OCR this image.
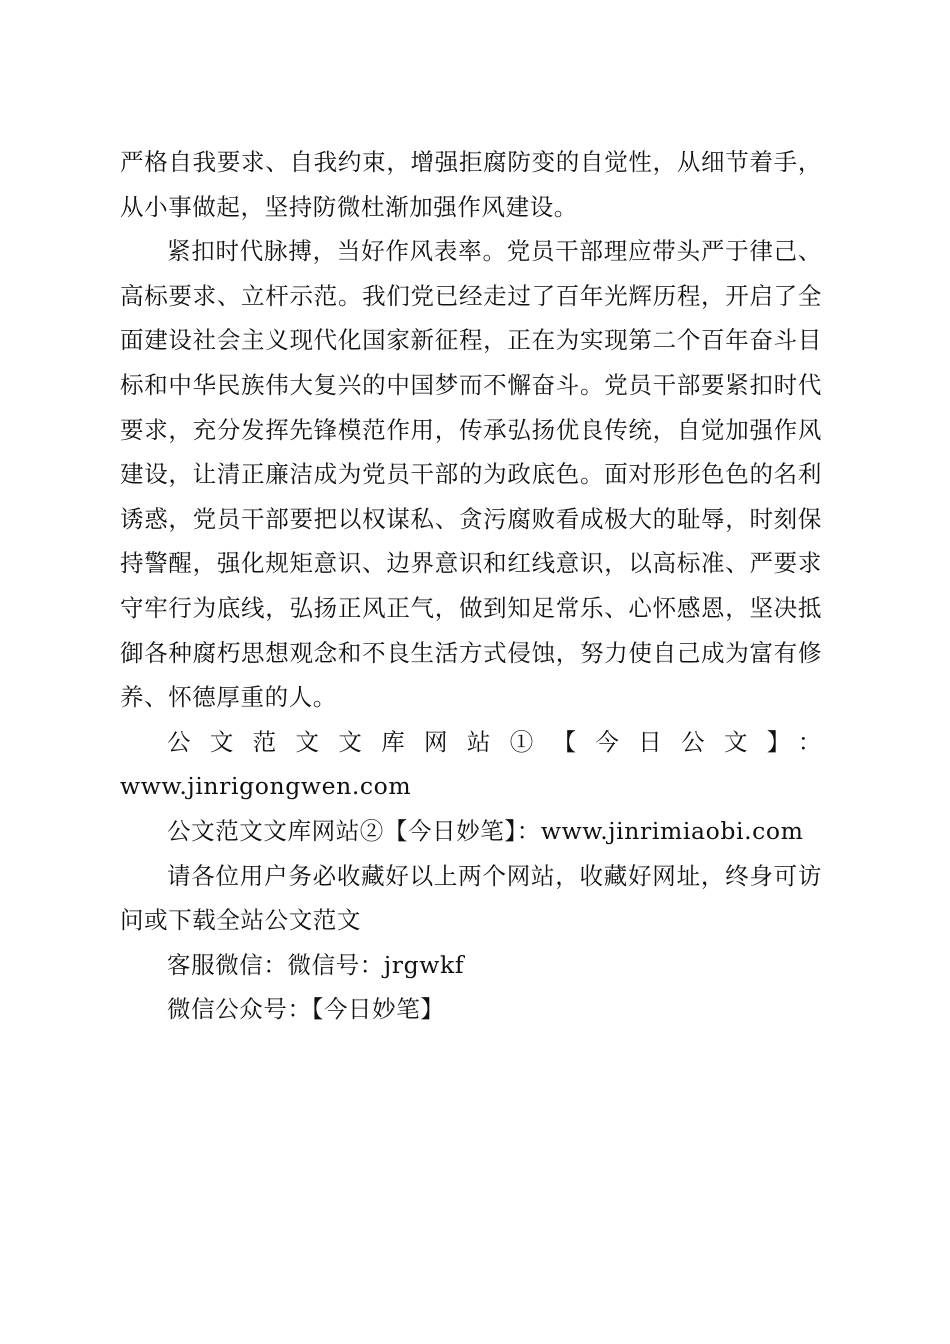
严格自我要求、自我约束，增强拒腐防变的自觉性，从细节着手，从小事做起，坚持防微杜渐加强作风建设。

紧扣时代脉搏，当好作风表率。党员干部理应带头严于律己、高标要求、立杆示范。我们党已经走过了百年光辉历程，开启了全面建设社会主义现代化国家新征程，正在为实现第二个百年奋斗目标和中华民族伟大复兴的中国梦而不懈奋斗。党员干部要紧扣时代要求，充分发挥先锋模范作用，传承弘扬优良传统，自觉加强作风建设，让清正廉洁成为党员干部的为政底色。面对形形色色的名利诱惑，党员干部要把以权谋私、贪污腐败看成极大的耻辱，时刻保持警醒，强化规矩意识、边界意识和红线意识，以高标准、严要求守牢行为底线，弘扬正风正气，做到知足常乐、心怀感恩，坚决抵御各种腐朽思想观念和不良生活方式侵蚀，努力使自己成为富有修养、怀德厚重的人。

公文范文文库网站①【今日公文】：www.jinrigongwen.com

公文范文文库网站②【今日妙笔】：www.jinrimiaobi.com

请各位用户务必收藏好以上两个网站，收藏好网址，终身可访问或下载全站公文范文

客服微信：微信号：jrgwkf

微信公众号：【今日妙笔】
